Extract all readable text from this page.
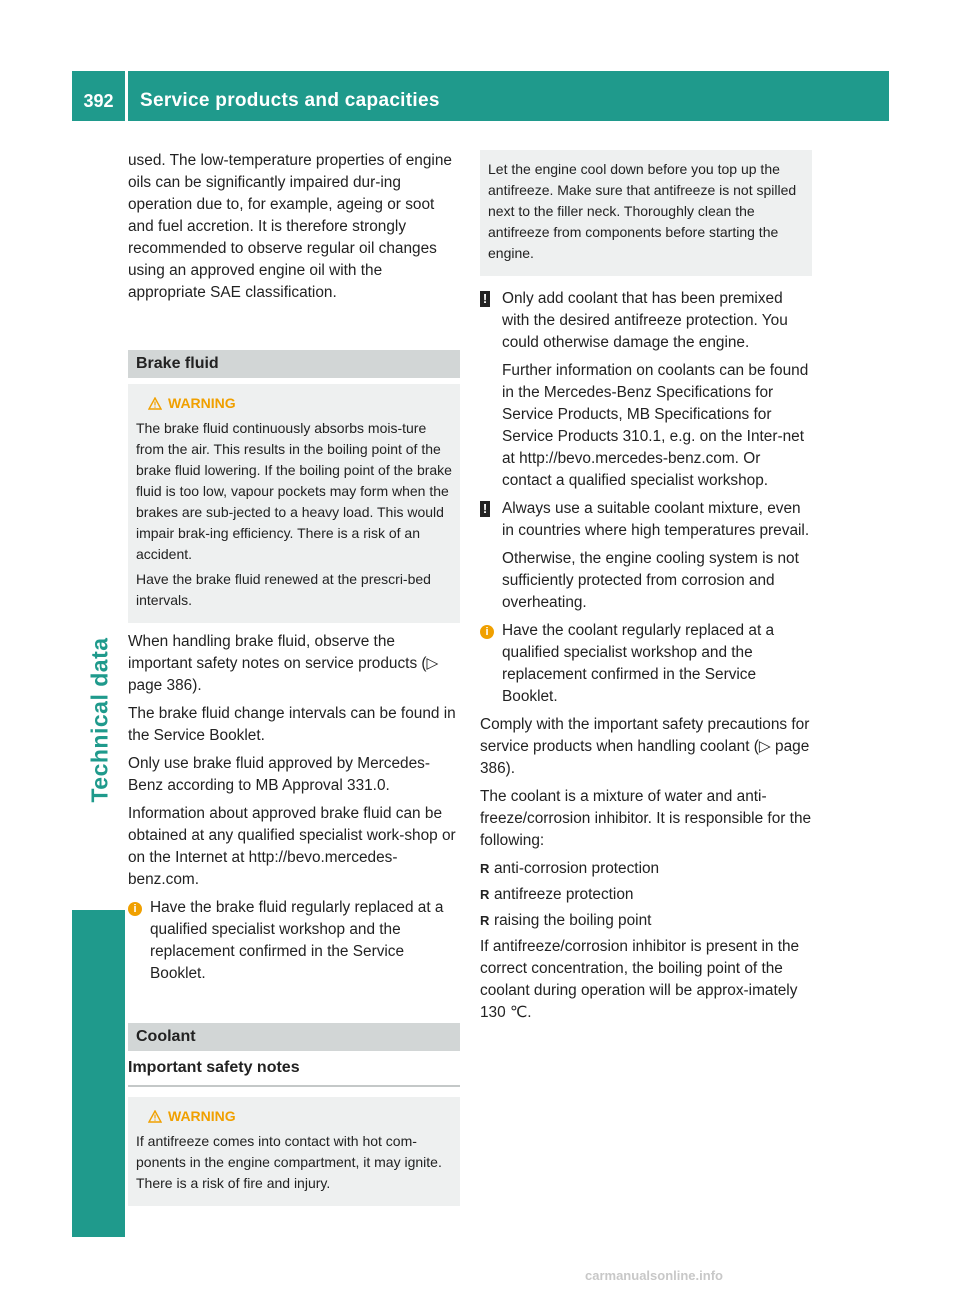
392	Service products and capacities
Technical data

used. The low-temperature properties of engine oils can be significantly impaired dur-ing operation due to, for example, ageing or soot and fuel accretion. It is therefore strongly recommended to observe regular oil changes using an approved engine oil with the appropriate SAE classification.

Brake fluid
WARNING

The brake fluid continuously absorbs mois-ture from the air. This results in the boiling point of the brake fluid lowering. If the boiling point of the brake fluid is too low, vapour pockets may form when the brakes are sub-jected to a heavy load. This would impair brak-ing efficiency. There is a risk of an accident.

Have the brake fluid renewed at the prescri-bed intervals.

When handling brake fluid, observe the important safety notes on service products (▷ page 386).

The brake fluid change intervals can be found in the Service Booklet.

Only use brake fluid approved by Mercedes-Benz according to MB Approval 331.0.

Information about approved brake fluid can be obtained at any qualified specialist work-shop or on the Internet at http://bevo.mercedes-benz.com.

i Have the brake fluid regularly replaced at a qualified specialist workshop and the replacement confirmed in the Service Booklet.
Coolant
Important safety notes
WARNING

If antifreeze comes into contact with hot com-ponents in the engine compartment, it may ignite. There is a risk of fire and injury.

Let the engine cool down before you top up the antifreeze. Make sure that antifreeze is not spilled next to the filler neck. Thoroughly clean the antifreeze from components before starting the engine.

! Only add coolant that has been premixed with the desired antifreeze protection. You could otherwise damage the engine.

Further information on coolants can be found in the Mercedes-Benz Specifications for Service Products, MB Specifications for Service Products 310.1, e.g. on the Inter-net at http://bevo.mercedes-benz.com. Or contact a qualified specialist workshop.

! Always use a suitable coolant mixture, even in countries where high temperatures prevail.

Otherwise, the engine cooling system is not sufficiently protected from corrosion and overheating.

i Have the coolant regularly replaced at a qualified specialist workshop and the replacement confirmed in the Service Booklet.

Comply with the important safety precautions for service products when handling coolant (▷ page 386).

The coolant is a mixture of water and anti-freeze/corrosion inhibitor. It is responsible for the following:

R anti-corrosion protection
R antifreeze protection
R raising the boiling point

If antifreeze/corrosion inhibitor is present in the correct concentration, the boiling point of the coolant during operation will be approx-imately 130 ℃.

carmanualsonline.info
